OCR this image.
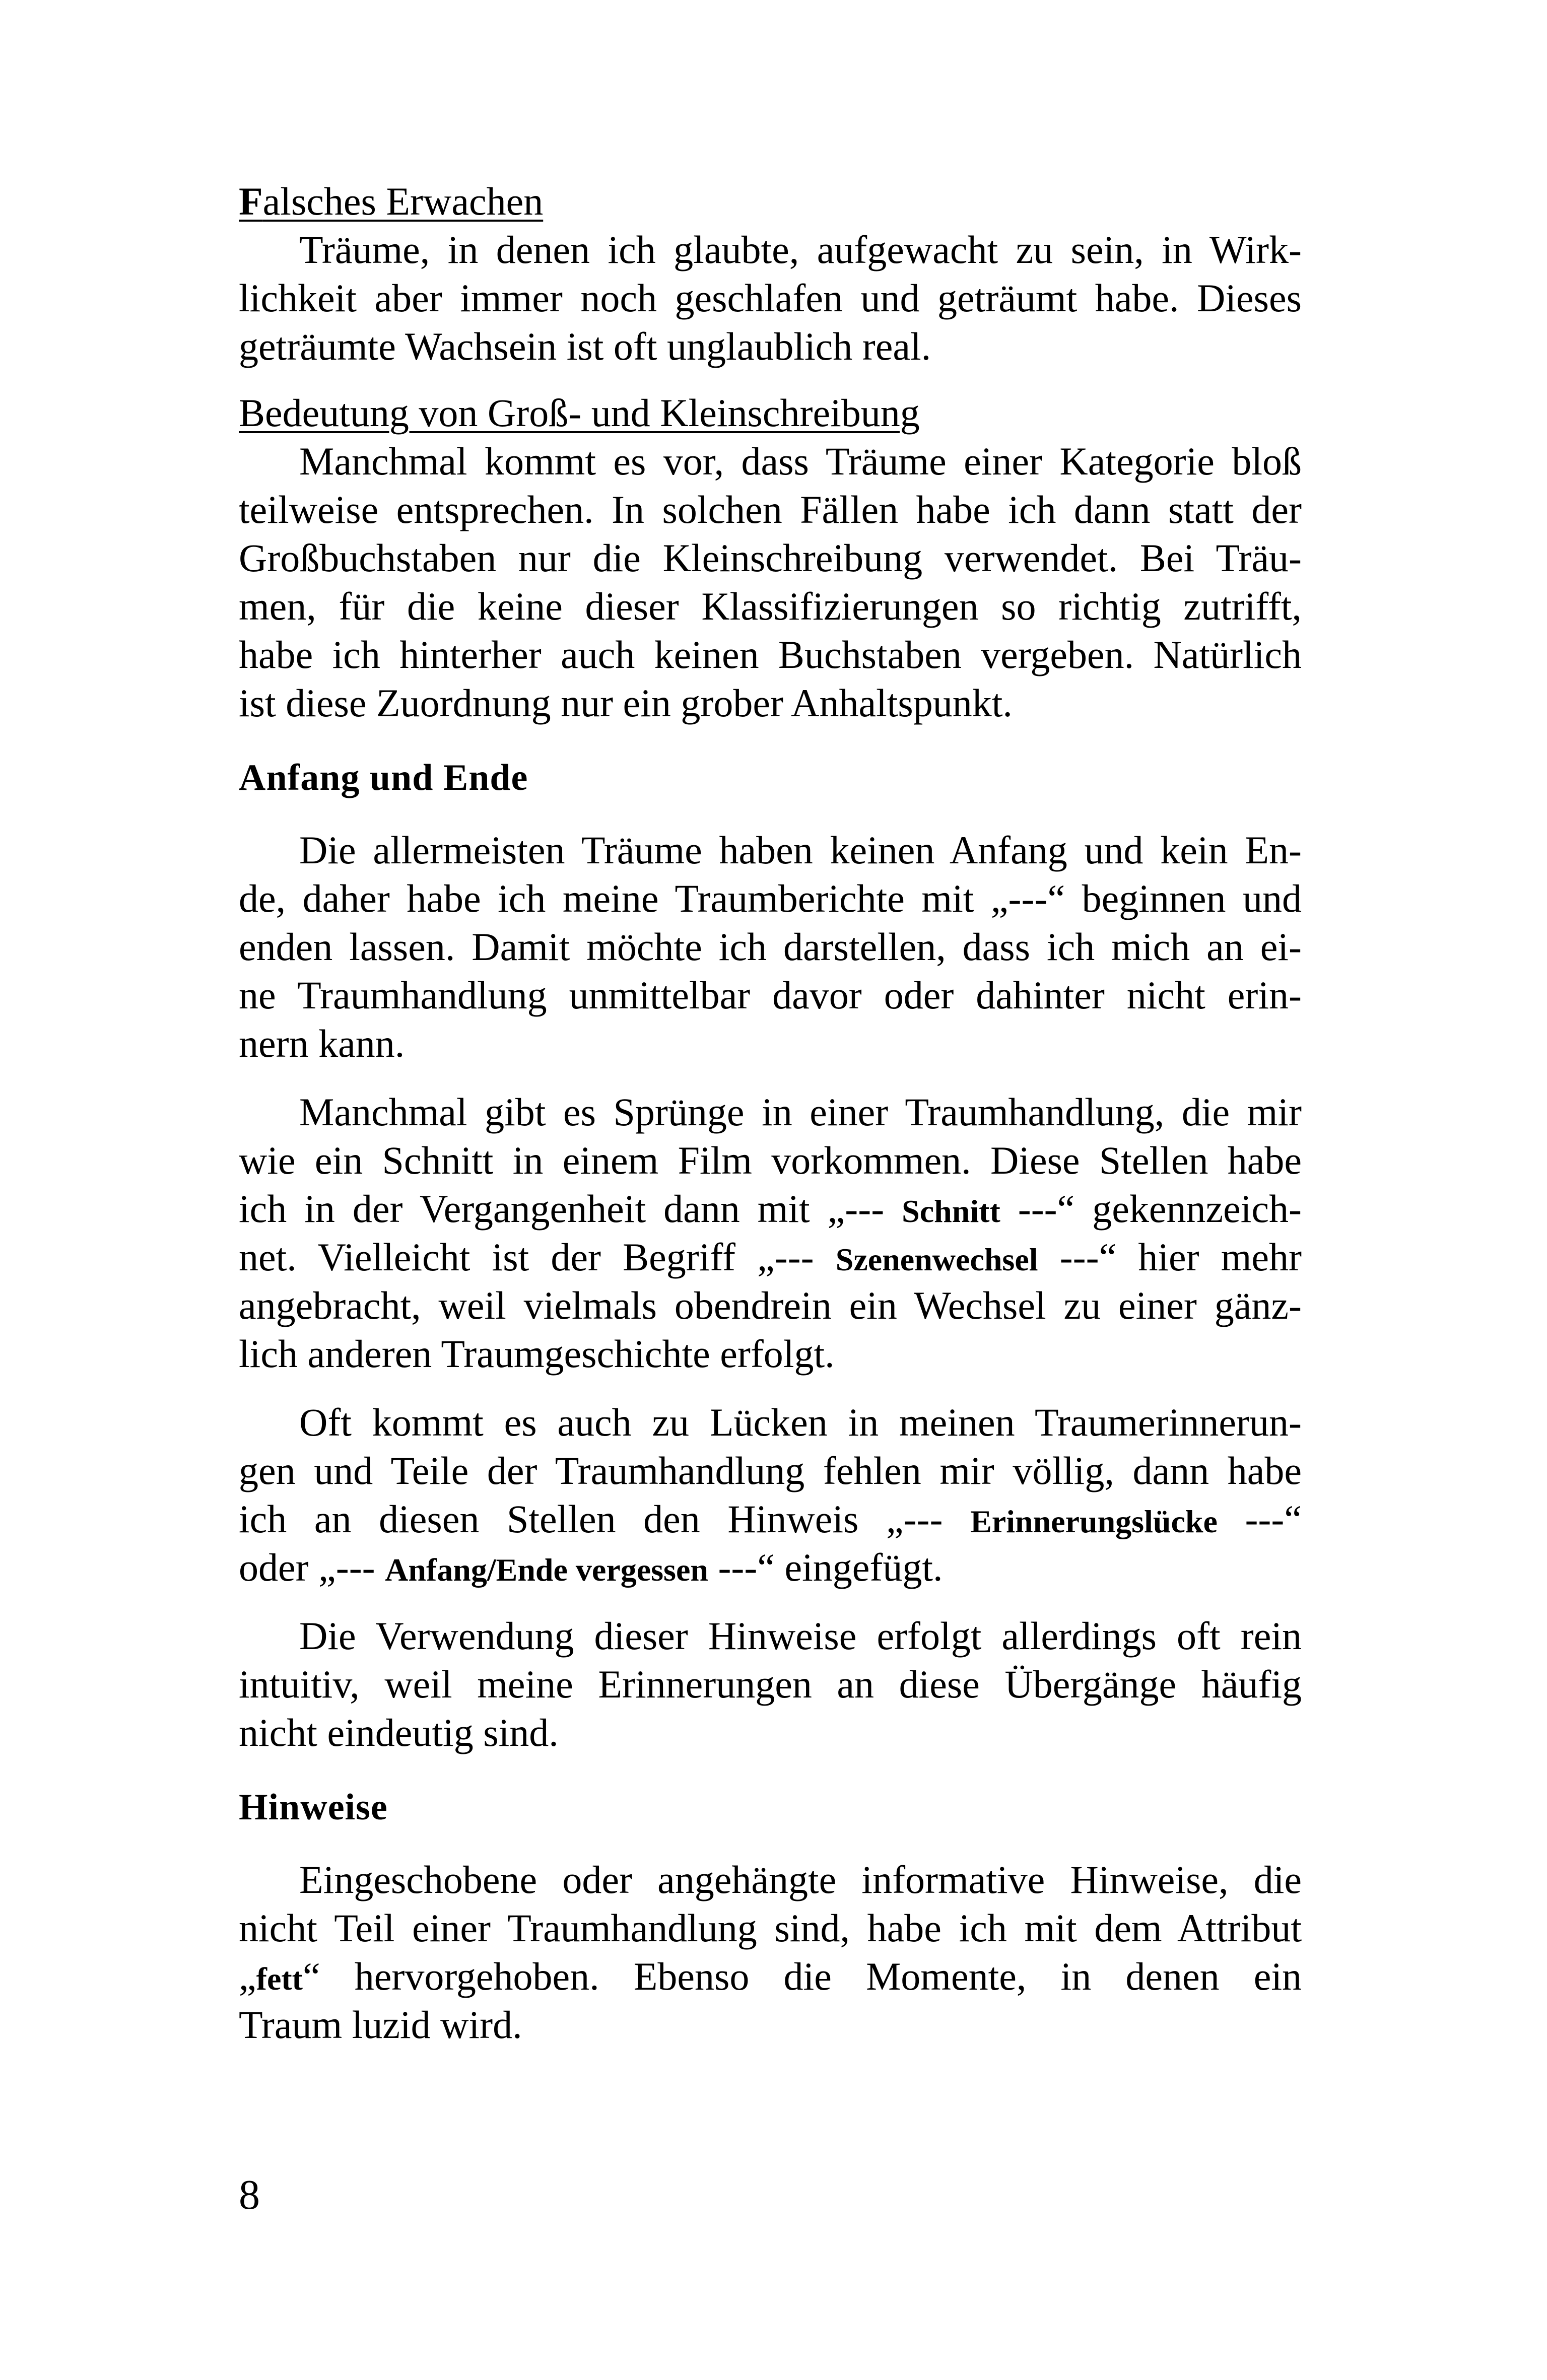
Falsches Erwachen
Träume, in denen ich glaubte, aufgewacht zu sein, in Wirk-
lichkeit aber immer noch geschlafen und geträumt habe. Dieses
geträumte Wachsein ist oft unglaublich real.
Bedeutung von Groß- und Kleinschreibung
Manchmal kommt es vor, dass Träume einer Kategorie bloß
teilweise entsprechen. In solchen Fällen habe ich dann statt der
Großbuchstaben nur die Kleinschreibung verwendet. Bei Träu-
men, für die keine dieser Klassifizierungen so richtig zutrifft,
habe ich hinterher auch keinen Buchstaben vergeben. Natürlich
ist diese Zuordnung nur ein grober Anhaltspunkt.
Anfang und Ende
Die allermeisten Träume haben keinen Anfang und kein En-
de, daher habe ich meine Traumberichte mit „---“ beginnen und
enden lassen. Damit möchte ich darstellen, dass ich mich an ei-
ne Traumhandlung unmittelbar davor oder dahinter nicht erin-
nern kann.
Manchmal gibt es Sprünge in einer Traumhandlung, die mir
wie ein Schnitt in einem Film vorkommen. Diese Stellen habe
ich in der Vergangenheit dann mit „--- Schnitt ---“ gekennzeich-
net. Vielleicht ist der Begriff „--- Szenenwechsel ---“ hier mehr
angebracht, weil vielmals obendrein ein Wechsel zu einer gänz-
lich anderen Traumgeschichte erfolgt.
Oft kommt es auch zu Lücken in meinen Traumerinnerun-
gen und Teile der Traumhandlung fehlen mir völlig, dann habe
ich an diesen Stellen den Hinweis „--- Erinnerungslücke ---“
oder „--- Anfang/Ende vergessen ---“ eingefügt.
Die Verwendung dieser Hinweise erfolgt allerdings oft rein
intuitiv, weil meine Erinnerungen an diese Übergänge häufig
nicht eindeutig sind.
Hinweise
Eingeschobene oder angehängte informative Hinweise, die
nicht Teil einer Traumhandlung sind, habe ich mit dem Attribut
„fett“ hervorgehoben. Ebenso die Momente, in denen ein
Traum luzid wird.
8
